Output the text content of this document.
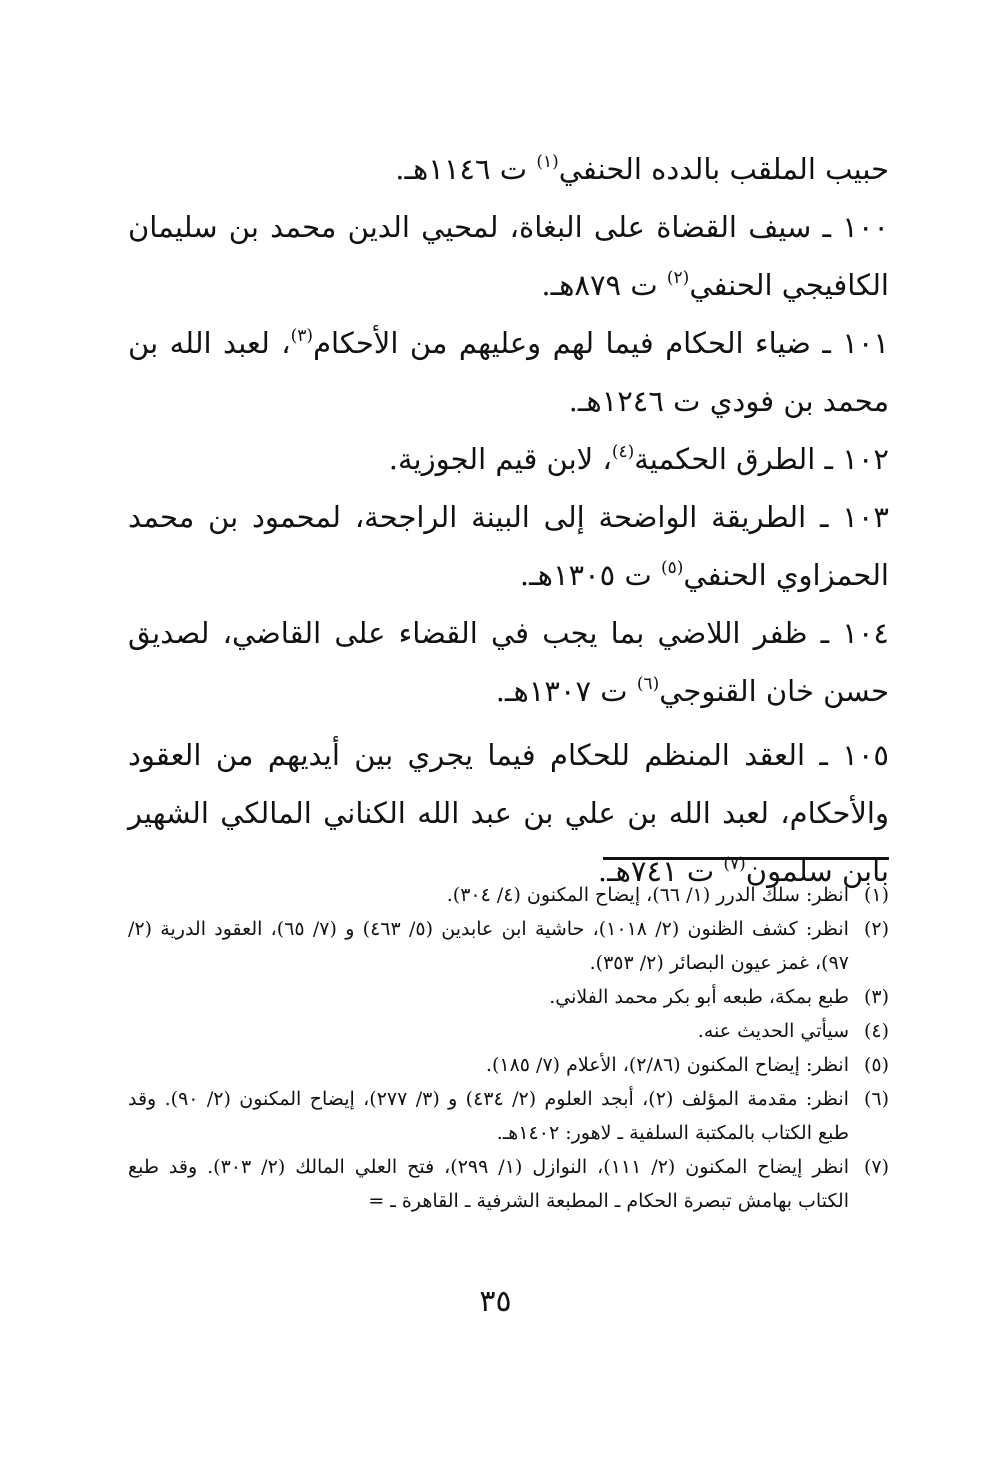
حبيب الملقب بالدده الحنفي$^{(١)}$ ت ١١٤٦هـ.

١٠٠ ـ سيف القضاة على البغاة، لمحيي الدين محمد بن سليمان الكافيجي الحنفي$^{(٢)}$ ت ٨٧٩هـ.

١٠١ ـ ضياء الحكام فيما لهم وعليهم من الأحكام$^{(٣)}$، لعبد الله بن محمد بن فودي ت ١٢٤٦هـ.

١٠٢ ـ الطرق الحكمية$^{(٤)}$، لابن قيم الجوزية.

١٠٣ ـ الطريقة الواضحة إلى البينة الراجحة، لمحمود بن محمد الحمزاوي الحنفي$^{(٥)}$ ت ١٣٠٥هـ.

١٠٤ ـ ظفر اللاضي بما يجب في القضاء على القاضي، لصديق حسن خان القنوجي$^{(٦)}$ ت ١٣٠٧هـ.

١٠٥ ـ العقد المنظم للحكام فيما يجري بين أيديهم من العقود والأحكام، لعبد الله بن علي بن عبد الله الكناني المالكي الشهير بابن سلمون$^{(٧)}$ ت ٧٤١هـ.

(١)
انظر: سلك الدرر (١/ ٦٦)، إيضاح المكنون (٤/ ٣٠٤).
(٢)
انظر: كشف الظنون (٢/ ١٠١٨)، حاشية ابن عابدين (٥/ ٤٦٣) و (٧/ ٦٥)، العقود الدرية (٢/ ٩٧)، غمز عيون البصائر (٢/ ٣٥٣).
(٣)
طبع بمكة، طبعه أبو بكر محمد الفلاني.
(٤)
سيأتي الحديث عنه.
(٥)
انظر: إيضاح المكنون (٢/٨٦)، الأعلام (٧/ ١٨٥).
(٦)
انظر: مقدمة المؤلف (٢)، أبجد العلوم (٢/ ٤٣٤) و (٣/ ٢٧٧)، إيضاح المكنون (٢/ ٩٠). وقد طبع الكتاب بالمكتبة السلفية ـ لاهور: ١٤٠٢هـ.
(٧)
انظر إيضاح المكنون (٢/ ١١١)، النوازل (١/ ٢٩٩)، فتح العلي المالك (٢/ ٣٠٣). وقد طبع الكتاب بهامش تبصرة الحكام ـ المطبعة الشرفية ـ القاهرة ـ =
٣٥
